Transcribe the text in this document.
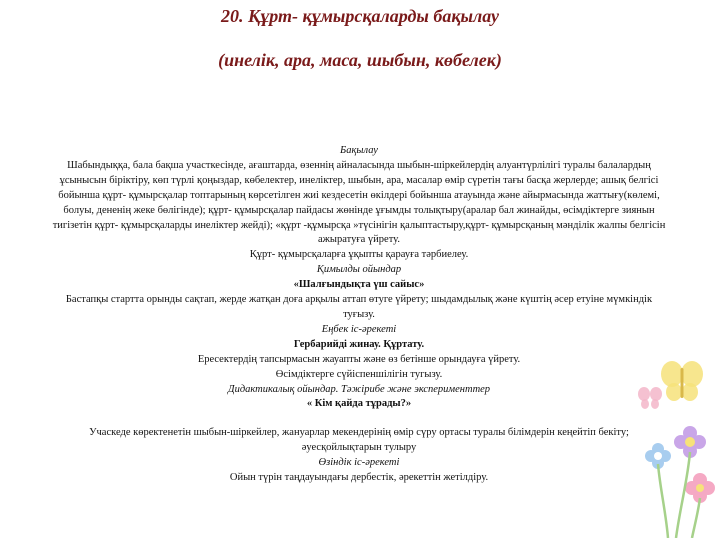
20. Құрт- құмырсқаларды бақылау
(инелік, ара, маса, шыбын, көбелек)

Бақылау

Шабындыққа, бала бақша участкесінде, ағаштарда, өзеннің айналасында шыбын-шіркейлердің алуантүрлілігі туралы балалардың ұсынысын біріктіру, көп түрлі қоңыздар, көбелектер, инеліктер, шыбын, ара, масалар өмір сүретін тағы басқа жерлерде; ашық белгісі бойынша құрт- құмырсқалар топтарының көрсетілген жиі кездесетін өкілдері бойынша атауында және айырмасында жаттығу(көлемі, болуы, дененің жеке бөлігінде); құрт- құмырсқалар пайдасы жөнінде ұғымды толықтыру(аралар бал жинайды, өсімдіктерге зиянын тигізетін құрт- құмырсқаларды инеліктер жейді); «құрт -құмырсқа »түсінігін қалыптастыру,құрт- құмырсқаның мәнділік жалпы белгісін ажыратуға үйрету.

Құрт- құмырсқаларға ұқыпты қарауға тәрбиелеу.

Қимылды ойындар

«Шалғындықта үш сайыс»

Бастапқы стартта орынды сақтап, жерде жатқан доға арқылы аттап өтуге үйрету; шыдамдылық және күштің әсер етуіне мүмкіндік туғызу.

Еңбек іс-әрекеті

Гербарийді жинау. Құртату.

Ересектердің тапсырмасын жауапты және өз бетінше орындауға үйрету.

Өсімдіктерге сүйіспеншілігін тугызу.

Дидактикалық ойындар. Тәжірибе және эксперименттер

« Кім қайда тұрады?»

Учаскеде көректенетін шыбын-шіркейлер, жануарлар мекендерінің өмір сүру ортасы туралы білімдерін кеңейтіп бекіту; әуесқойлықтарын тулыру

Өзіндік іс-әрекеті

Ойын түрін таңдауындағы дербестік, әрекеттін жетілдіру.
